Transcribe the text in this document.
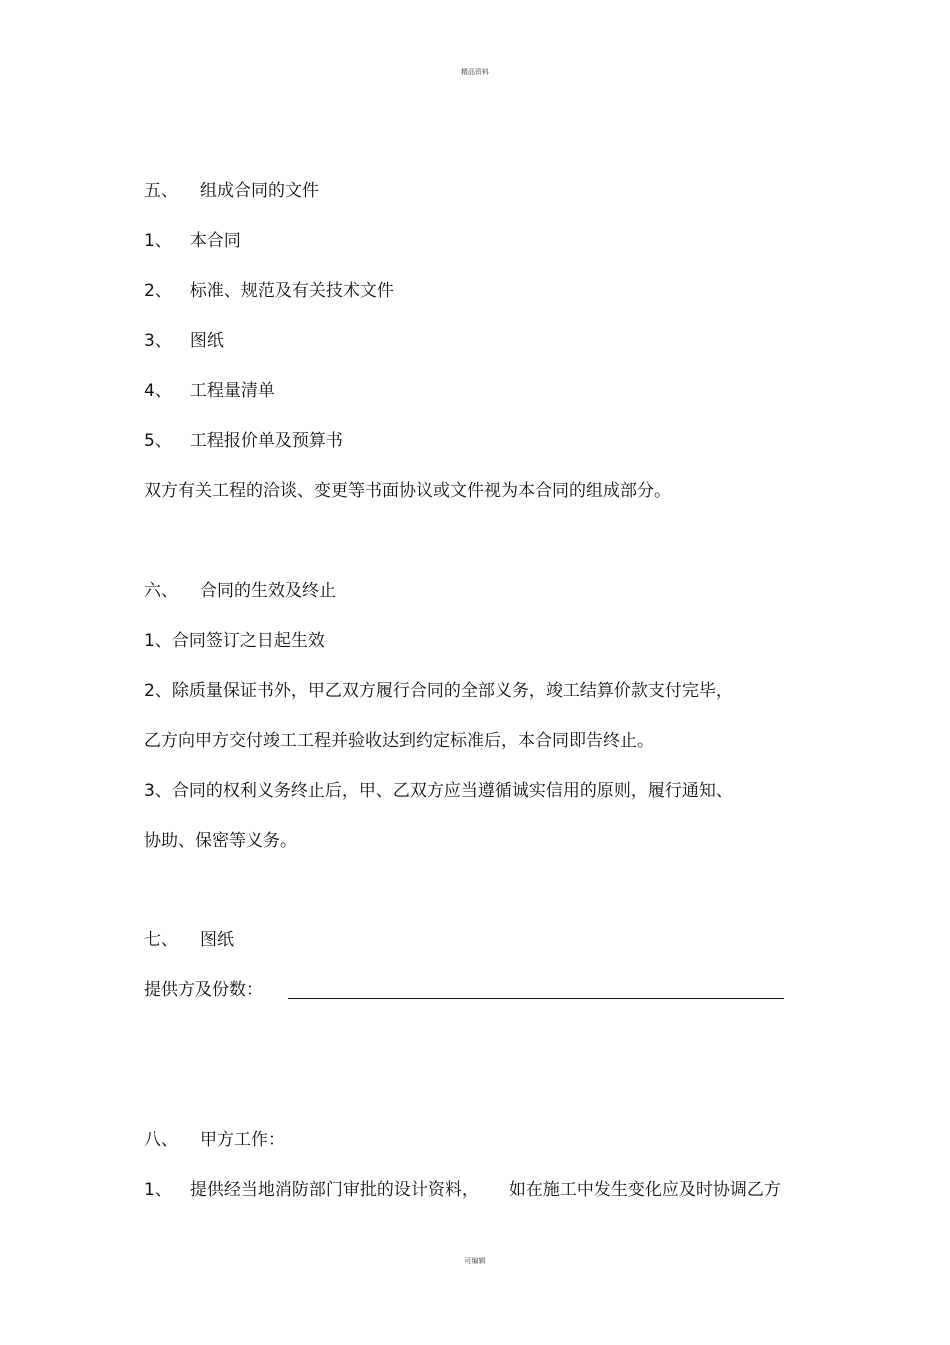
精品资料
五、 组成合同的文件
1、 本合同
2、 标准、规范及有关技术文件
3、 图纸
4、 工程量清单
5、 工程报价单及预算书
双方有关工程的洽谈、变更等书面协议或文件视为本合同的组成部分。
六、 合同的生效及终止
1、合同签订之日起生效
2、除质量保证书外，甲乙双方履行合同的全部义务，竣工结算价款支付完毕，
乙方向甲方交付竣工工程并验收达到约定标准后，本合同即告终止。
3、合同的权利义务终止后，甲、乙双方应当遵循诚实信用的原则，履行通知、
协助、保密等义务。
七、 图纸
提供方及份数：
八、 甲方工作：
1、 提供经当地消防部门审批的设计资料， 如在施工中发生变化应及时协调乙方
可编辑
